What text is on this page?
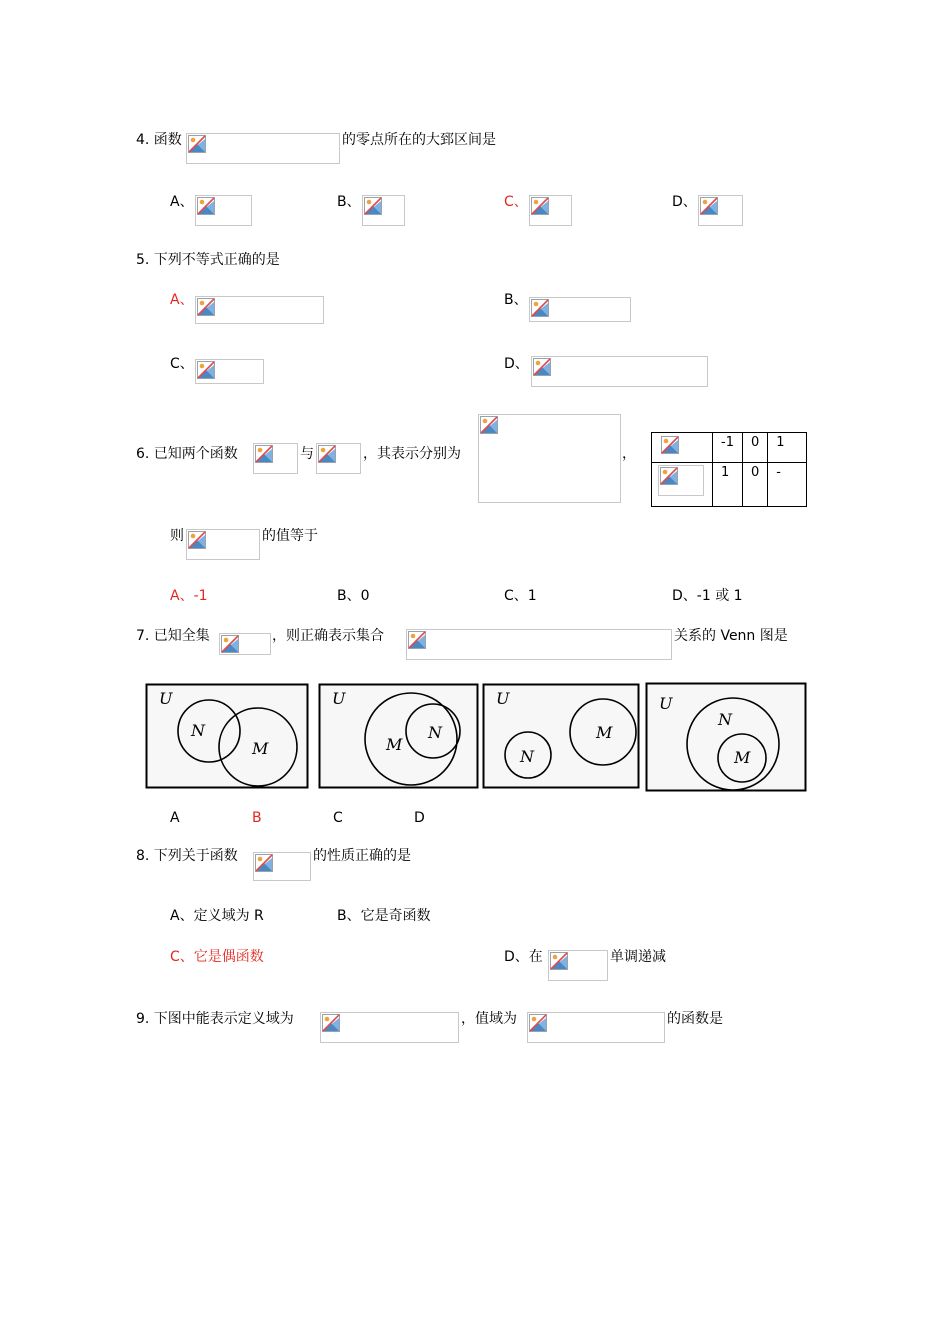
4. 函数	的零点所在的大郅区间是
A、	B、	C、	D、
5. 下列不等式正确的是
A、	B、
C、	D、
6. 已知两个函数	与	，其表示分别为	，
	-1	0	1

	1	0	-
则	的值等于
A、-1	B、0	C、1	D、-1 或 1
7. 已知全集	，则正确表示集合	关系的 Venn 图是
U
N
M
U
M
N
U
N
M
U
N
M
A	B	C	D
8. 下列关于函数	的性质正确的是
A、定义域为 R	B、它是奇函数
C、它是偶函数	D、在	单调递减
9. 下图中能表示定义域为	，值域为	的函数是
